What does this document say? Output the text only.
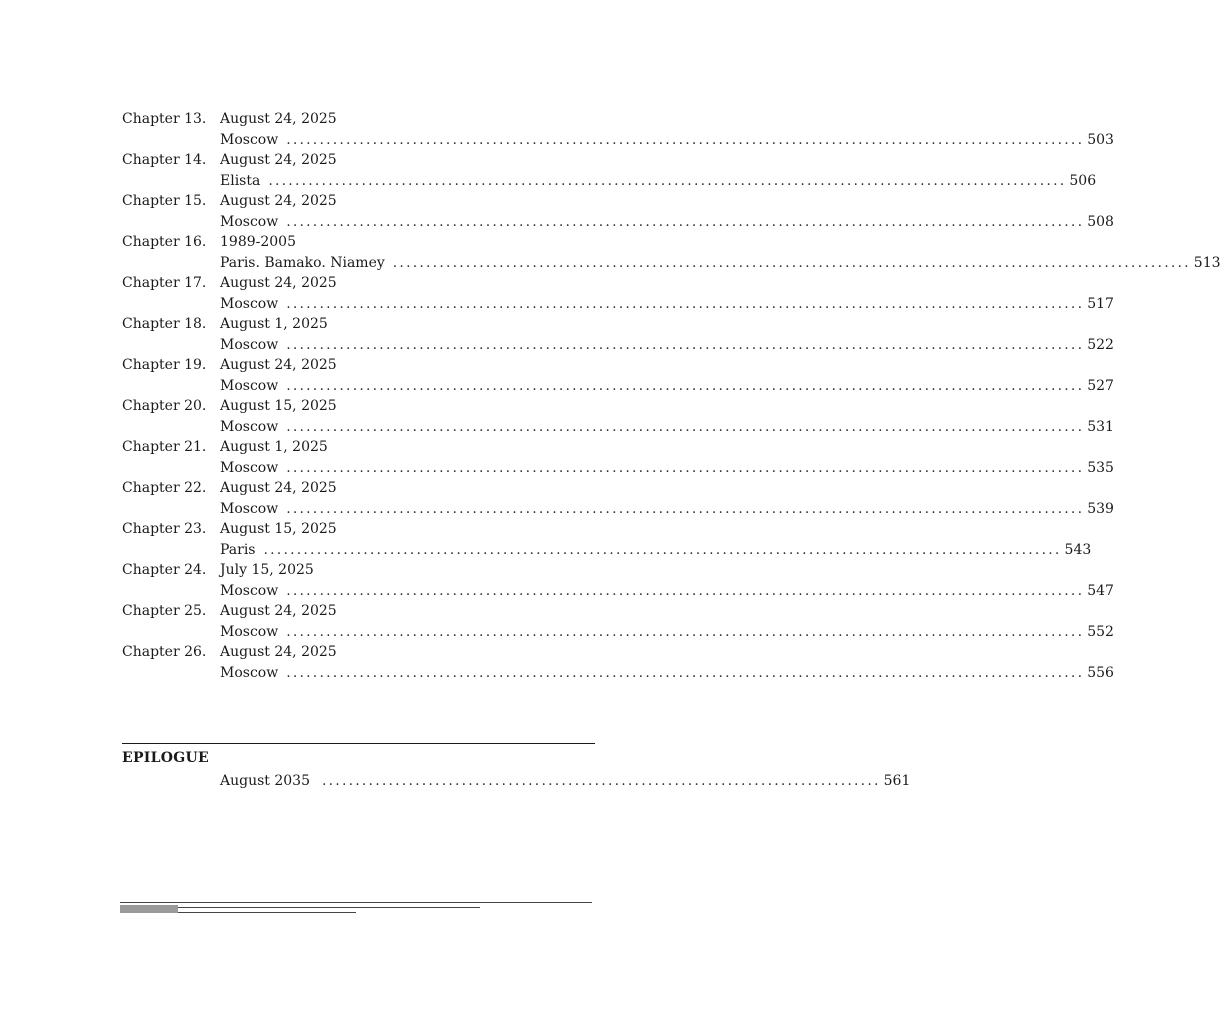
Chapter 13. August 24, 2025
Moscow ........................................................................................................................ 503
Chapter 14. August 24, 2025
Elista ........................................................................................................................ 506
Chapter 15. August 24, 2025
Moscow ........................................................................................................................ 508
Chapter 16. 1989-2005
Paris. Bamako. Niamey ........................................................................................................................ 513
Chapter 17. August 24, 2025
Moscow ........................................................................................................................ 517
Chapter 18. August 1, 2025
Moscow ........................................................................................................................ 522
Chapter 19. August 24, 2025
Moscow ........................................................................................................................ 527
Chapter 20. August 15, 2025
Moscow ........................................................................................................................ 531
Chapter 21. August 1, 2025
Moscow ........................................................................................................................ 535
Chapter 22. August 24, 2025
Moscow ........................................................................................................................ 539
Chapter 23. August 15, 2025
Paris ........................................................................................................................ 543
Chapter 24. July 15, 2025
Moscow ........................................................................................................................ 547
Chapter 25. August 24, 2025
Moscow ........................................................................................................................ 552
Chapter 26. August 24, 2025
Moscow ........................................................................................................................ 556
EPILOGUE
August 2035 .................................................................................... 561
